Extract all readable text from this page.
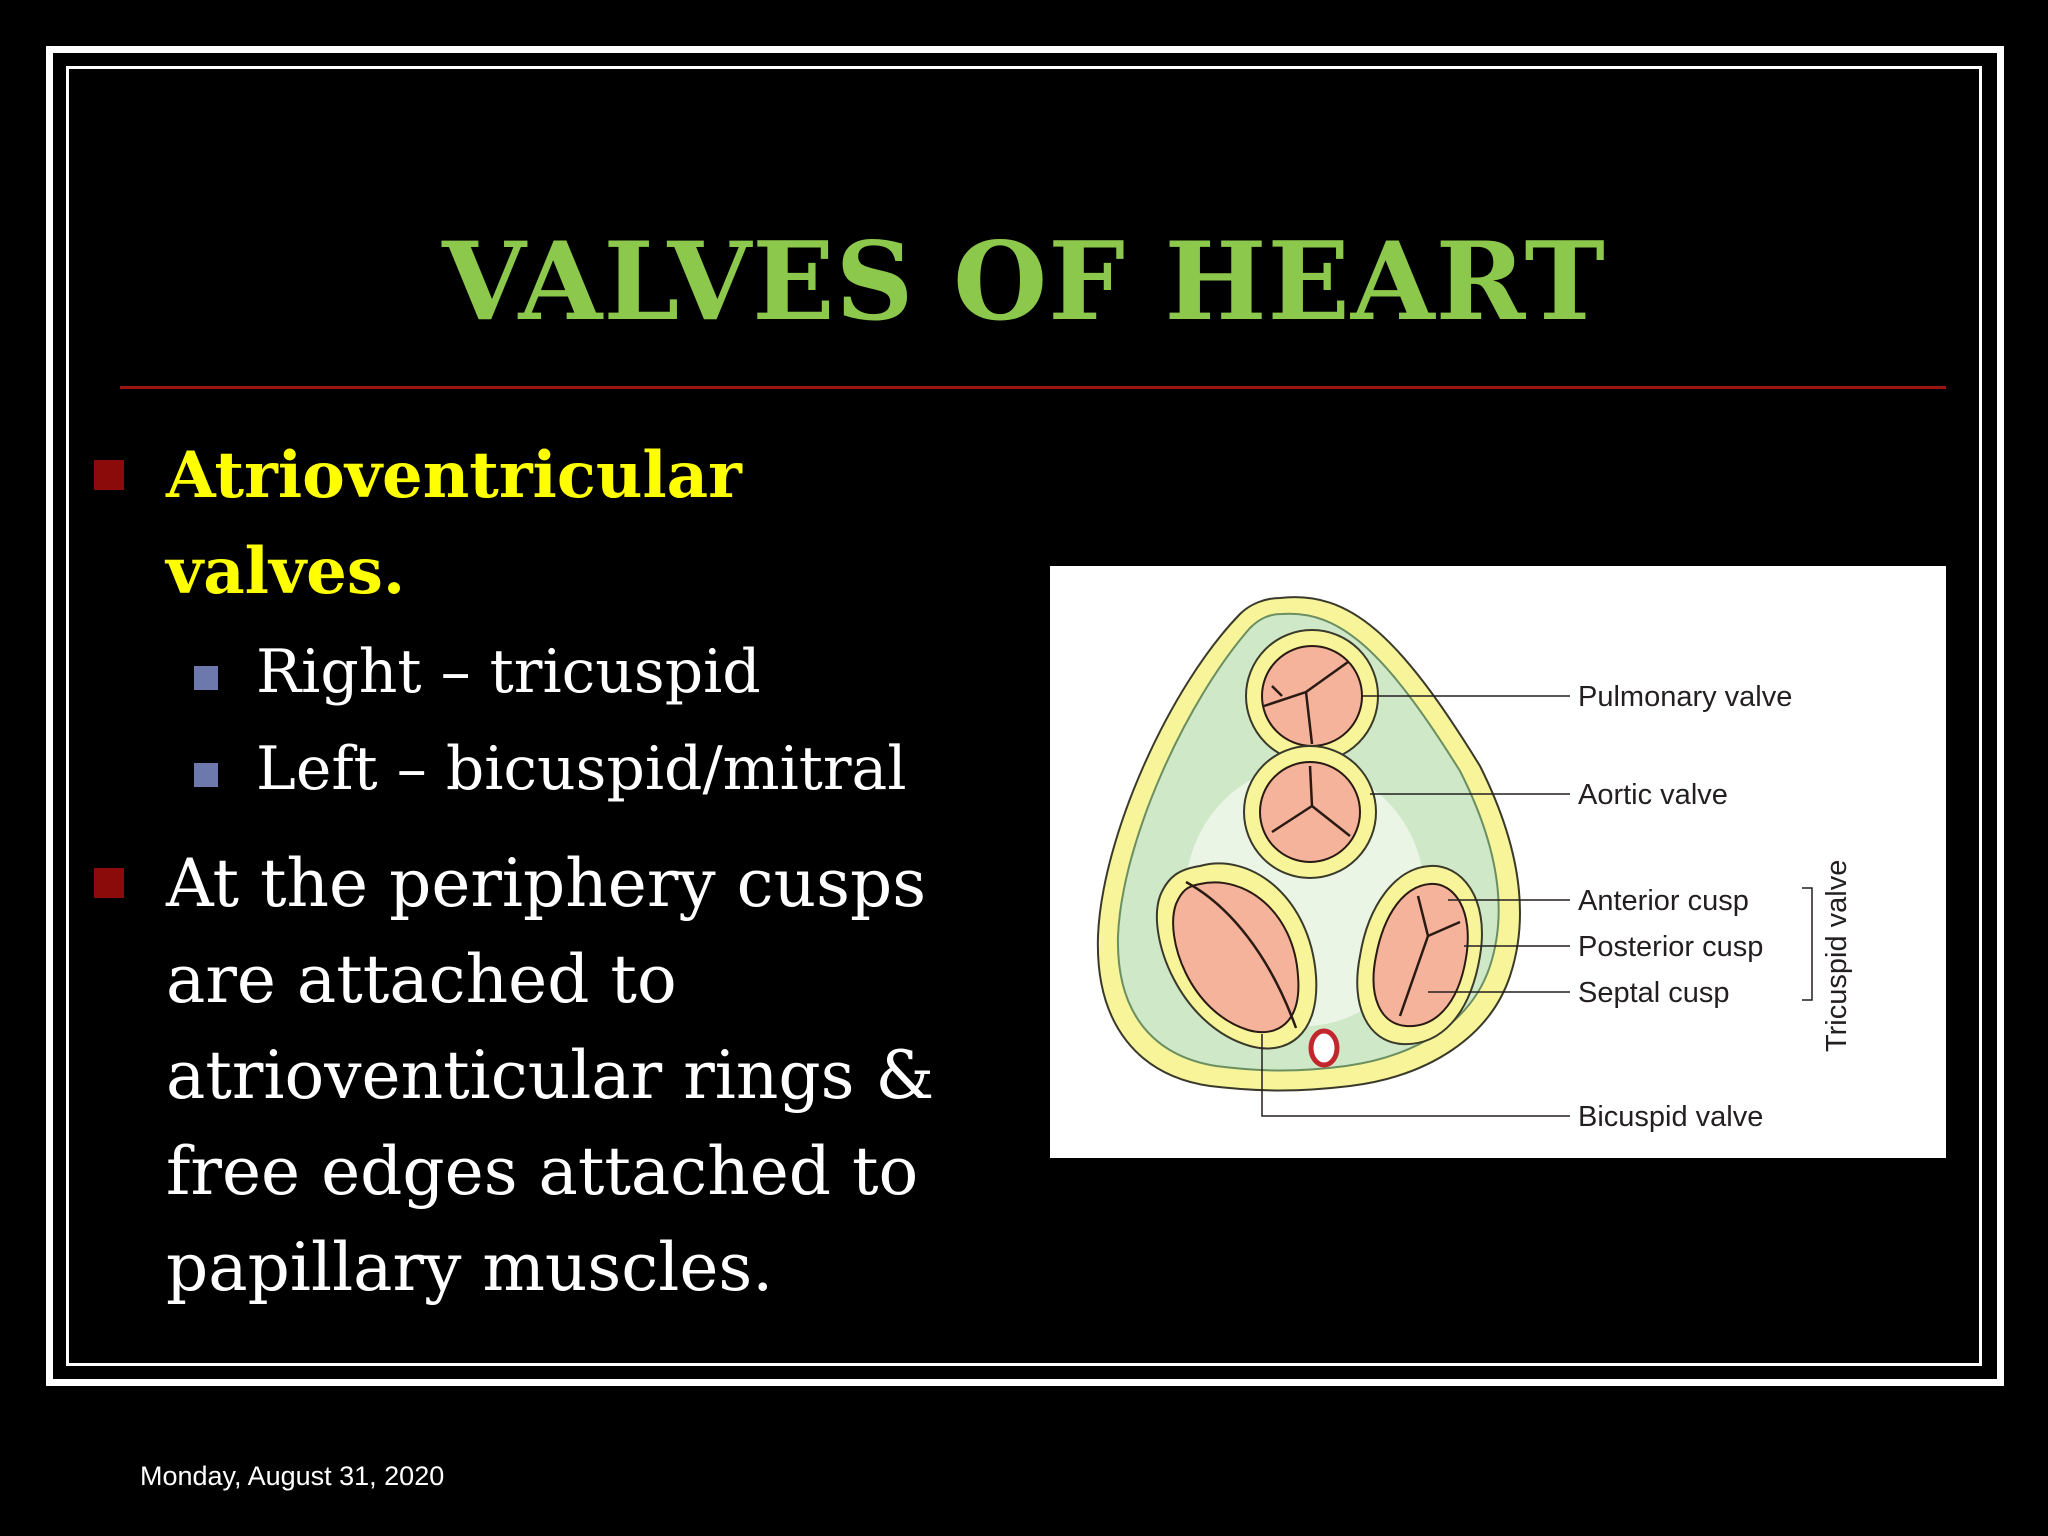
VALVES OF HEART
Atrioventricular valves.
Right – tricuspid
Left – bicuspid/mitral
At the periphery cusps are attached to atrioventicular rings & free edges attached to papillary muscles.
Pulmonary valve
Aortic valve
Anterior cusp
Posterior cusp
Septal cusp
Bicuspid valve
Tricuspid valve
Monday, August 31, 2020
